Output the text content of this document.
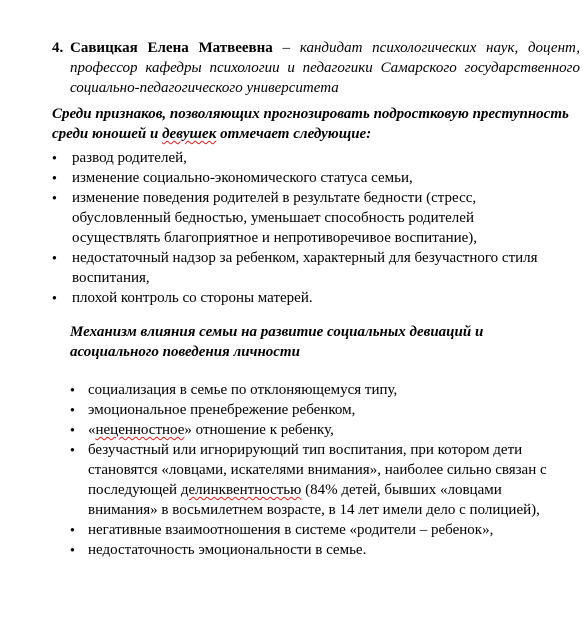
4. Савицкая Елена Матвеевна – кандидат психологических наук, доцент, профессор кафедры психологии и педагогики Самарского государственного социально-педагогического университета
Среди признаков, позволяющих прогнозировать подростковую преступность среди юношей и девушек отмечает следующие:
● развод родителей,
● изменение социально-экономического статуса семьи,
● изменение поведения родителей в результате бедности (стресс, обусловленный бедностью, уменьшает способность родителей осуществлять благоприятное и непротиворечивое воспитание),
● недостаточный надзор за ребенком, характерный для безучастного стиля воспитания,
● плохой контроль со стороны матерей.
Механизм влияния семьи на развитие социальных девиаций и асоциального поведения личности
● социализация в семье по отклоняющемуся типу,
● эмоциональное пренебрежение ребенком,
● «неценностное» отношение к ребенку,
● безучастный или игнорирующий тип воспитания, при котором дети становятся «ловцами, искателями внимания», наиболее сильно связан с последующей делинквентностью (84% детей, бывших «ловцами внимания» в восьмилетнем возрасте, в 14 лет имели дело с полицией),
● негативные взаимоотношения в системе «родители – ребенок»,
● недостаточность эмоциональности в семье.
